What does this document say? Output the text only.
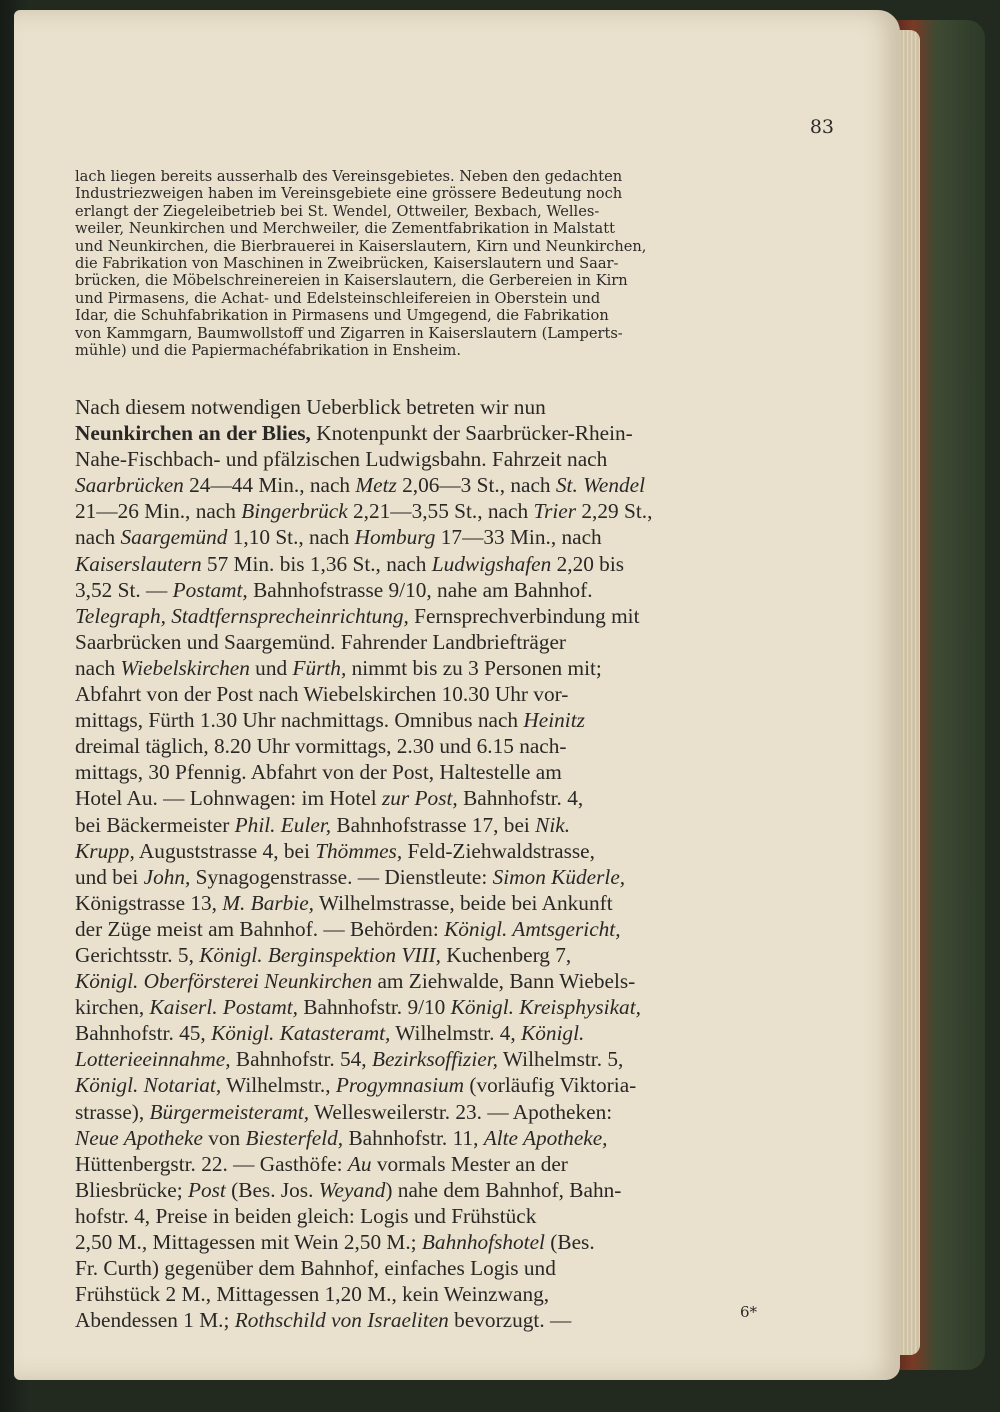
83
lach liegen bereits ausserhalb des Vereinsgebietes. Neben den gedachten
Industriezweigen haben im Vereinsgebiete eine grössere Bedeutung noch
erlangt der Ziegeleibetrieb bei St. Wendel, Ottweiler, Bexbach, Welles-
weiler, Neunkirchen und Merchweiler, die Zementfabrikation in Malstatt
und Neunkirchen, die Bierbrauerei in Kaiserslautern, Kirn und Neunkirchen,
die Fabrikation von Maschinen in Zweibrücken, Kaiserslautern und Saar-
brücken, die Möbelschreinereien in Kaiserslautern, die Gerbereien in Kirn
und Pirmasens, die Achat- und Edelsteinschleifereien in Oberstein und
Idar, die Schuhfabrikation in Pirmasens und Umgegend, die Fabrikation
von Kammgarn, Baumwollstoff und Zigarren in Kaiserslautern (Lamperts-
mühle) und die Papiermachéfabrikation in Ensheim.
Nach diesem notwendigen Ueberblick betreten wir nun
Neunkirchen an der Blies, Knotenpunkt der Saarbrücker-Rhein-
Nahe-Fischbach- und pfälzischen Ludwigsbahn. Fahrzeit nach
Saarbrücken 24—44 Min., nach Metz 2,06—3 St., nach St. Wendel
21—26 Min., nach Bingerbrück 2,21—3,55 St., nach Trier 2,29 St.,
nach Saargemünd 1,10 St., nach Homburg 17—33 Min., nach
Kaiserslautern 57 Min. bis 1,36 St., nach Ludwigshafen 2,20 bis
3,52 St. — Postamt, Bahnhofstrasse 9/10, nahe am Bahnhof.
Telegraph, Stadtfernsprecheinrichtung, Fernsprechverbindung mit
Saarbrücken und Saargemünd. Fahrender Landbriefträger
nach Wiebelskirchen und Fürth, nimmt bis zu 3 Personen mit;
Abfahrt von der Post nach Wiebelskirchen 10.30 Uhr vor-
mittags, Fürth 1.30 Uhr nachmittags. Omnibus nach Heinitz
dreimal täglich, 8.20 Uhr vormittags, 2.30 und 6.15 nach-
mittags, 30 Pfennig. Abfahrt von der Post, Haltestelle am
Hotel Au. — Lohnwagen: im Hotel zur Post, Bahnhofstr. 4,
bei Bäckermeister Phil. Euler, Bahnhofstrasse 17, bei Nik.
Krupp, Auguststrasse 4, bei Thömmes, Feld-Ziehwaldstrasse,
und bei John, Synagogenstrasse. — Dienstleute: Simon Küderle,
Königstrasse 13, M. Barbie, Wilhelmstrasse, beide bei Ankunft
der Züge meist am Bahnhof. — Behörden: Königl. Amtsgericht,
Gerichtsstr. 5, Königl. Berginspektion VIII, Kuchenberg 7,
Königl. Oberförsterei Neunkirchen am Ziehwalde, Bann Wiebels-
kirchen, Kaiserl. Postamt, Bahnhofstr. 9/10 Königl. Kreisphysikat,
Bahnhofstr. 45, Königl. Katasteramt, Wilhelmstr. 4, Königl.
Lotterieeinnahme, Bahnhofstr. 54, Bezirksoffizier, Wilhelmstr. 5,
Königl. Notariat, Wilhelmstr., Progymnasium (vorläufig Viktoria-
strasse), Bürgermeisteramt, Wellesweilerstr. 23. — Apotheken:
Neue Apotheke von Biesterfeld, Bahnhofstr. 11, Alte Apotheke,
Hüttenbergstr. 22. — Gasthöfe: Au vormals Mester an der
Bliesbrücke; Post (Bes. Jos. Weyand) nahe dem Bahnhof, Bahn-
hofstr. 4, Preise in beiden gleich: Logis und Frühstück
2,50 M., Mittagessen mit Wein 2,50 M.; Bahnhofshotel (Bes.
Fr. Curth) gegenüber dem Bahnhof, einfaches Logis und
Frühstück 2 M., Mittagessen 1,20 M., kein Weinzwang,
Abendessen 1 M.; Rothschild von Israeliten bevorzugt. —	6*
